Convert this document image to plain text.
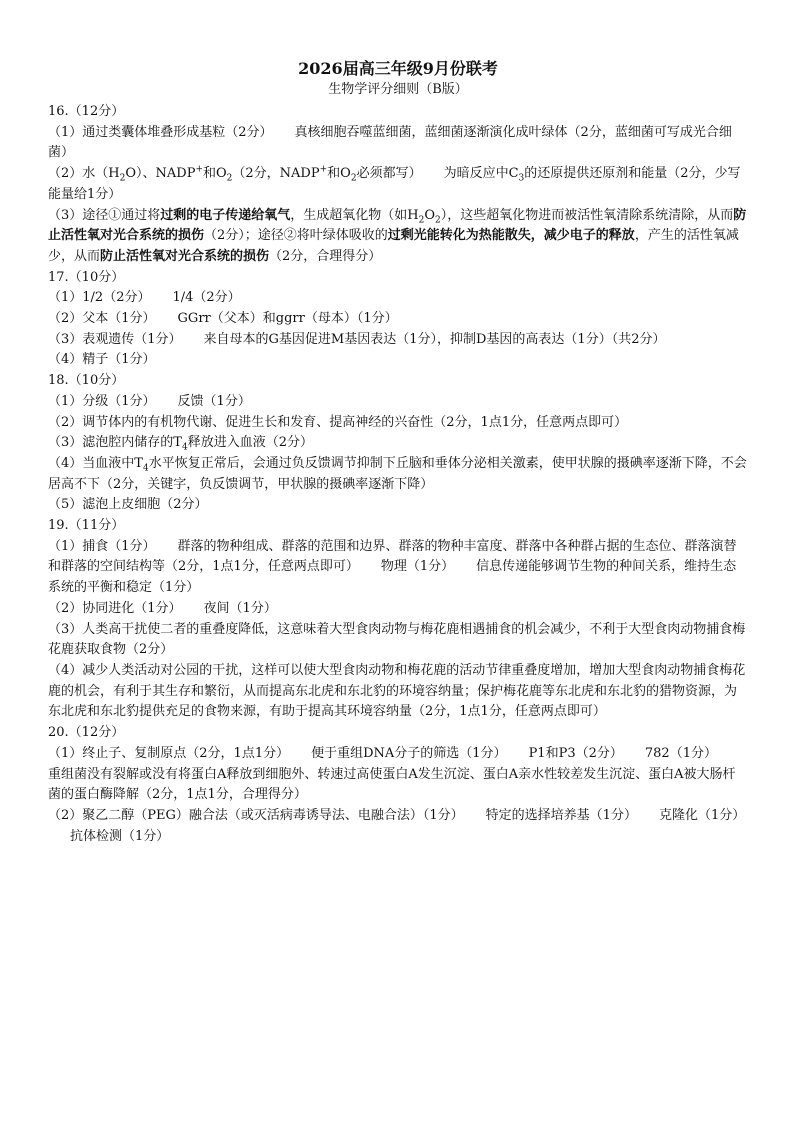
2026届高三年级9月份联考

生物学评分细则（B版）

16.（12分）

（1）通过类囊体堆叠形成基粒（2分） 真核细胞吞噬蓝细菌，蓝细菌逐渐演化成叶绿体（2分，蓝细菌可写成光合细菌）

（2）水$(H_2O)$、NADP+和$O_2(2$分，NADP+和$O_2$必须都写） 为暗反应中$C_3$的还原提供还原剂和能量（2分，少写能量给1分）

（3）途径①通过将过剩的电子传递给氧气，生成超氧化物（如$H_2O_2$），这些超氧化物进而被活性氧清除系统清除，从而防止活性氧对光合系统的损伤（2分）；途径②将叶绿体吸收的过剩光能转化为热能散失，减少电子的释放，产生的活性氧减少，从而防止活性氧对光合系统的损伤（2分，合理得分）

17.（10分）

（1）1/2（2分） 1/4（2分）

（2）父本（1分） GGrr（父本）和ggrr（母本）（1分）

（3）表观遗传（1分） 来自母本的G基因促进M基因表达（1分），抑制D基因的高表达（1分）（共2分）

（4）精子（1分）

18.（10分）

（1）分级（1分） 反馈（1分）

（2）调节体内的有机物代谢、促进生长和发育、提高神经的兴奋性（2分，1点1分，任意两点即可）

（3）滤泡腔内储存的$T_4$释放进入血液（2分）

（4）当血液中$T_4$水平恢复正常后，会通过负反馈调节抑制下丘脑和垂体分泌相关激素，使甲状腺的摄碘率逐渐下降，不会居高不下（2分，关键字，负反馈调节，甲状腺的摄碘率逐渐下降）

（5）滤泡上皮细胞（2分）

19.（11分）

（1）捕食（1分） 群落的物种组成、群落的范围和边界、群落的物种丰富度、群落中各种群占据的生态位、群落演替和群落的空间结构等（2分，1点1分，任意两点即可） 物理（1分） 信息传递能够调节生物的种间关系，维持生态系统的平衡和稳定（1分）

（2）协同进化（1分） 夜间（1分）

（3）人类高干扰使二者的重叠度降低，这意味着大型食肉动物与梅花鹿相遇捕食的机会减少，不利于大型食肉动物捕食梅花鹿获取食物（2分）

（4）减少人类活动对公园的干扰，这样可以使大型食肉动物和梅花鹿的活动节律重叠度增加，增加大型食肉动物捕食梅花鹿的机会，有利于其生存和繁衍，从而提高东北虎和东北豹的环境容纳量；保护梅花鹿等东北虎和东北豹的猎物资源，为东北虎和东北豹提供充足的食物来源，有助于提高其环境容纳量（2分，1点1分，任意两点即可）

20.（12分）

（1）终止子、复制原点（2分，1点1分） 便于重组DNA分子的筛选（1分） P1和P3（2分） 782（1分）重组菌没有裂解或没有将蛋白A释放到细胞外、转速过高使蛋白A发生沉淀、蛋白A亲水性较差发生沉淀、蛋白A被大肠杆菌的蛋白酶降解（2分，1点1分，合理得分）

（2）聚乙二醇（PEG）融合法（或灭活病毒诱导法、电融合法）（1分） 特定的选择培养基（1分） 克隆化（1分）抗体检测（1分）
